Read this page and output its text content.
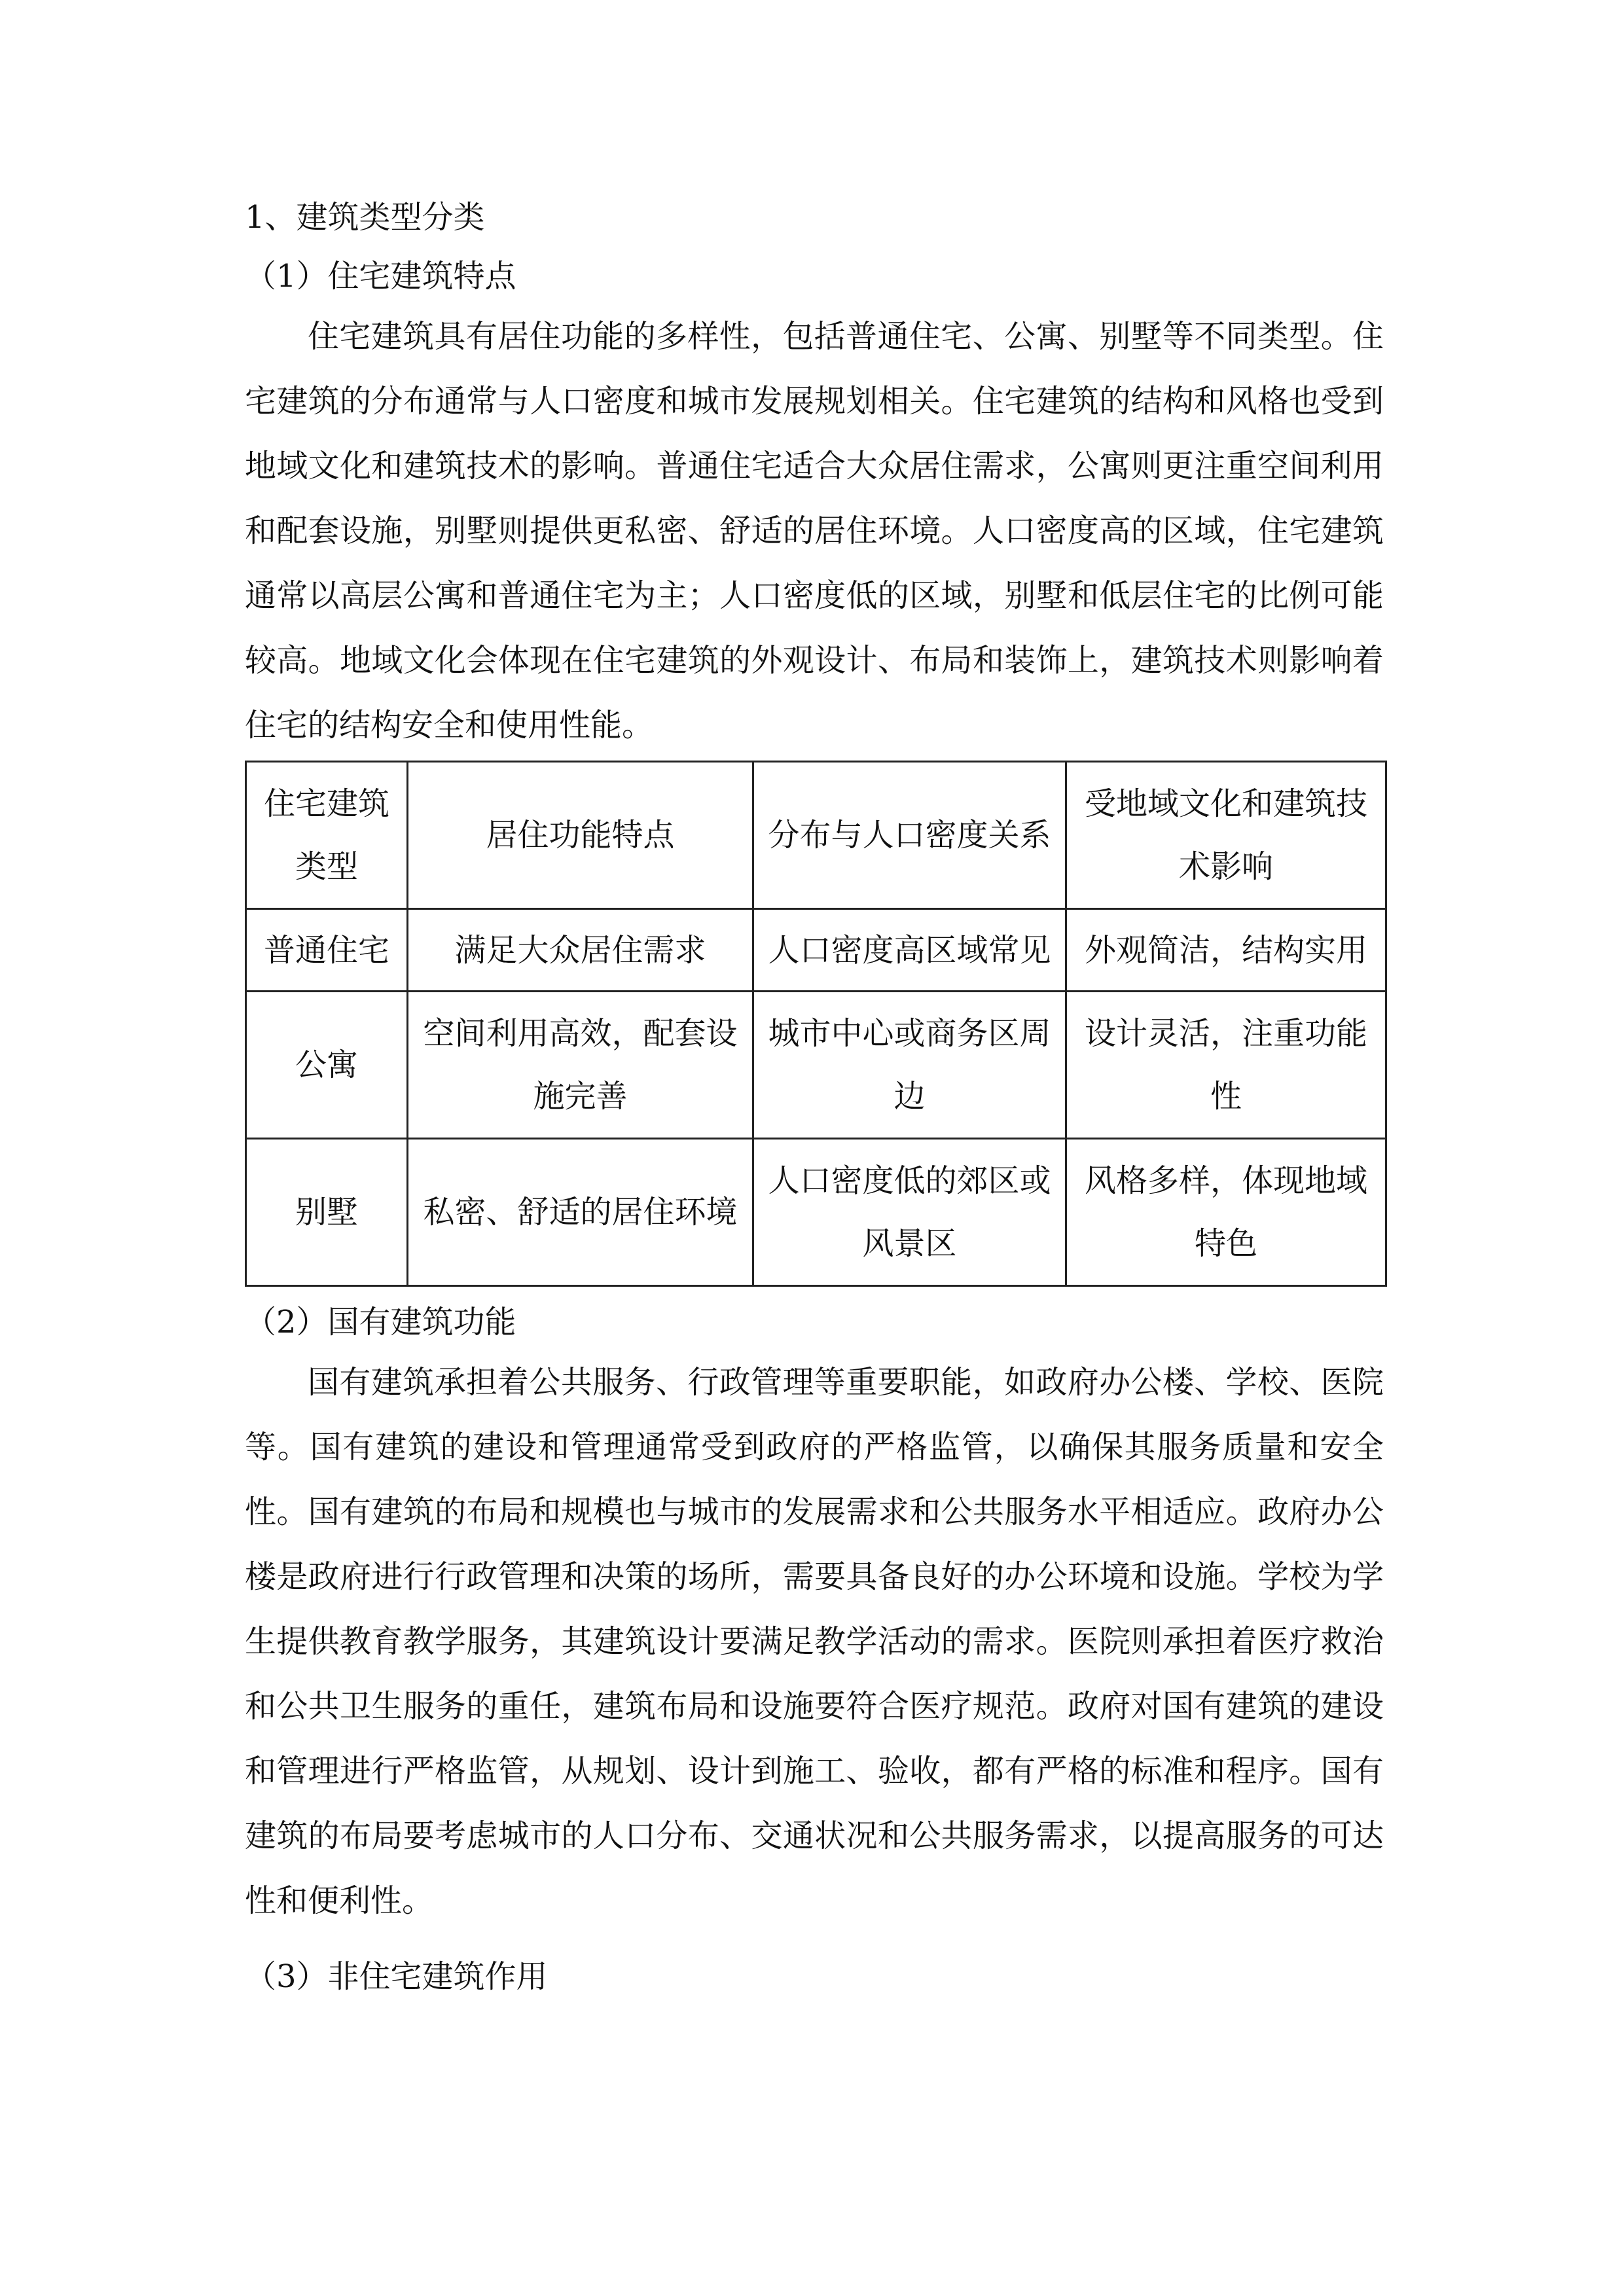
1、建筑类型分类
（1）住宅建筑特点

住宅建筑具有居住功能的多样性，包括普通住宅、公寓、别墅等不同类型。住宅建筑的分布通常与人口密度和城市发展规划相关。住宅建筑的结构和风格也受到地域文化和建筑技术的影响。普通住宅适合大众居住需求，公寓则更注重空间利用和配套设施，别墅则提供更私密、舒适的居住环境。人口密度高的区域，住宅建筑通常以高层公寓和普通住宅为主；人口密度低的区域，别墅和低层住宅的比例可能较高。地域文化会体现在住宅建筑的外观设计、布局和装饰上，建筑技术则影响着住宅的结构安全和使用性能。

住宅建筑类型	居住功能特点	分布与人口密度关系	受地域文化和建筑技术影响
普通住宅	满足大众居住需求	人口密度高区域常见	外观简洁，结构实用
公寓	空间利用高效，配套设施完善	城市中心或商务区周边	设计灵活，注重功能性
别墅	私密、舒适的居住环境	人口密度低的郊区或风景区	风格多样，体现地域特色
（2）国有建筑功能

国有建筑承担着公共服务、行政管理等重要职能，如政府办公楼、学校、医院等。国有建筑的建设和管理通常受到政府的严格监管，以确保其服务质量和安全性。国有建筑的布局和规模也与城市的发展需求和公共服务水平相适应。政府办公楼是政府进行行政管理和决策的场所，需要具备良好的办公环境和设施。学校为学生提供教育教学服务，其建筑设计要满足教学活动的需求。医院则承担着医疗救治和公共卫生服务的重任，建筑布局和设施要符合医疗规范。政府对国有建筑的建设和管理进行严格监管，从规划、设计到施工、验收，都有严格的标准和程序。国有建筑的布局要考虑城市的人口分布、交通状况和公共服务需求，以提高服务的可达性和便利性。

（3）非住宅建筑作用
